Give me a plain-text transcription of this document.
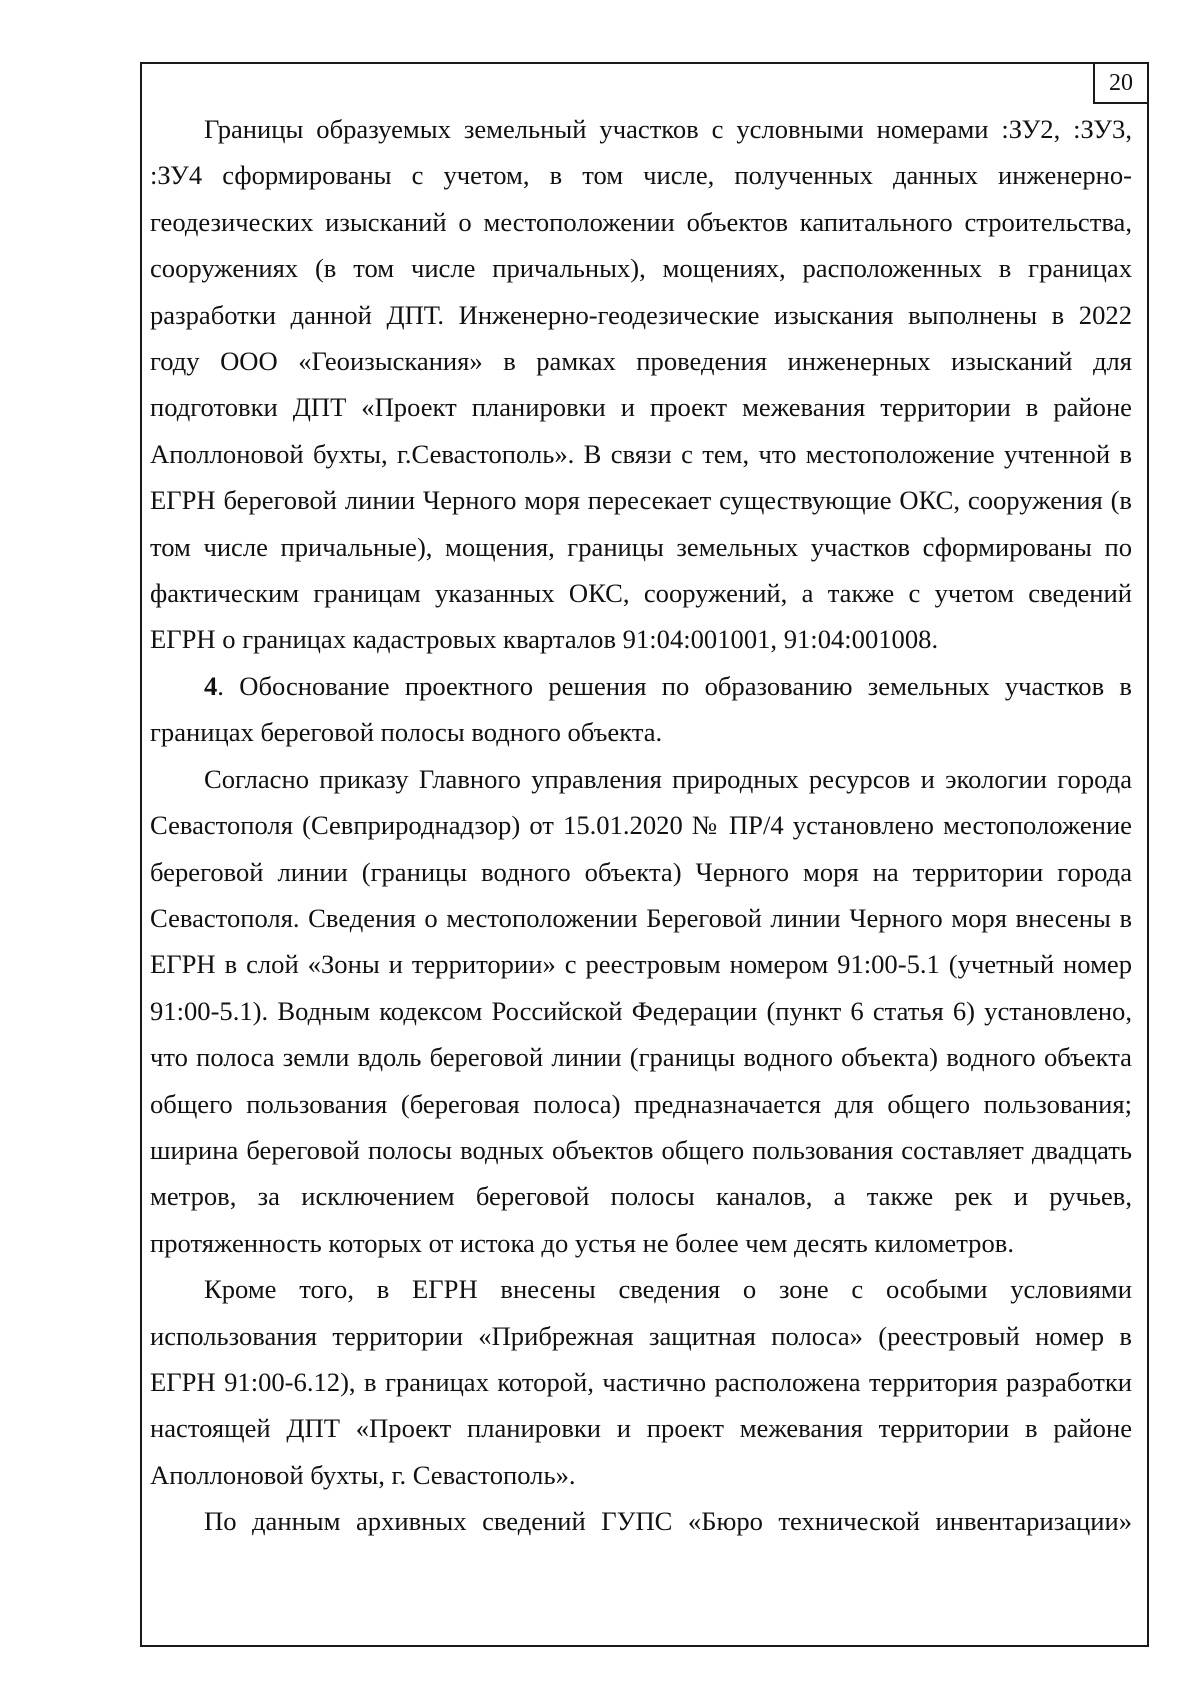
20

Границы образуемых земельный участков с условными номерами :ЗУ2, :ЗУ3, :ЗУ4 сформированы с учетом, в том числе, полученных данных инженерно-геодезических изысканий о местоположении объектов капитального строительства, сооружениях (в том числе причальных), мощениях, расположенных в границах разработки данной ДПТ. Инженерно-геодезические изыскания выполнены в 2022 году ООО «Геоизыскания» в рамках проведения инженерных изысканий для подготовки ДПТ «Проект планировки и проект межевания территории в районе Аполлоновой бухты, г.Севастополь». В связи с тем, что местоположение учтенной в ЕГРН береговой линии Черного моря пересекает существующие ОКС, сооружения (в том числе причальные), мощения, границы земельных участков сформированы по фактическим границам указанных ОКС, сооружений, а также с учетом сведений ЕГРН о границах кадастровых кварталов 91:04:001001, 91:04:001008.

4. Обоснование проектного решения по образованию земельных участков в границах береговой полосы водного объекта.

Согласно приказу Главного управления природных ресурсов и экологии города Севастополя (Севприроднадзор) от 15.01.2020 № ПР/4 установлено местоположение береговой линии (границы водного объекта) Черного моря на территории города Севастополя. Сведения о местоположении Береговой линии Черного моря внесены в ЕГРН в слой «Зоны и территории» с реестровым номером 91:00-5.1 (учетный номер 91:00-5.1). Водным кодексом Российской Федерации (пункт 6 статья 6) установлено, что полоса земли вдоль береговой линии (границы водного объекта) водного объекта общего пользования (береговая полоса) предназначается для общего пользования; ширина береговой полосы водных объектов общего пользования составляет двадцать метров, за исключением береговой полосы каналов, а также рек и ручьев, протяженность которых от истока до устья не более чем десять километров.

Кроме того, в ЕГРН внесены сведения о зоне с особыми условиями использования территории «Прибрежная защитная полоса» (реестровый номер в ЕГРН 91:00-6.12), в границах которой, частично расположена территория разработки настоящей ДПТ «Проект планировки и проект межевания территории в районе Аполлоновой бухты, г. Севастополь».

По данным архивных сведений ГУПС «Бюро технической инвентаризации»
